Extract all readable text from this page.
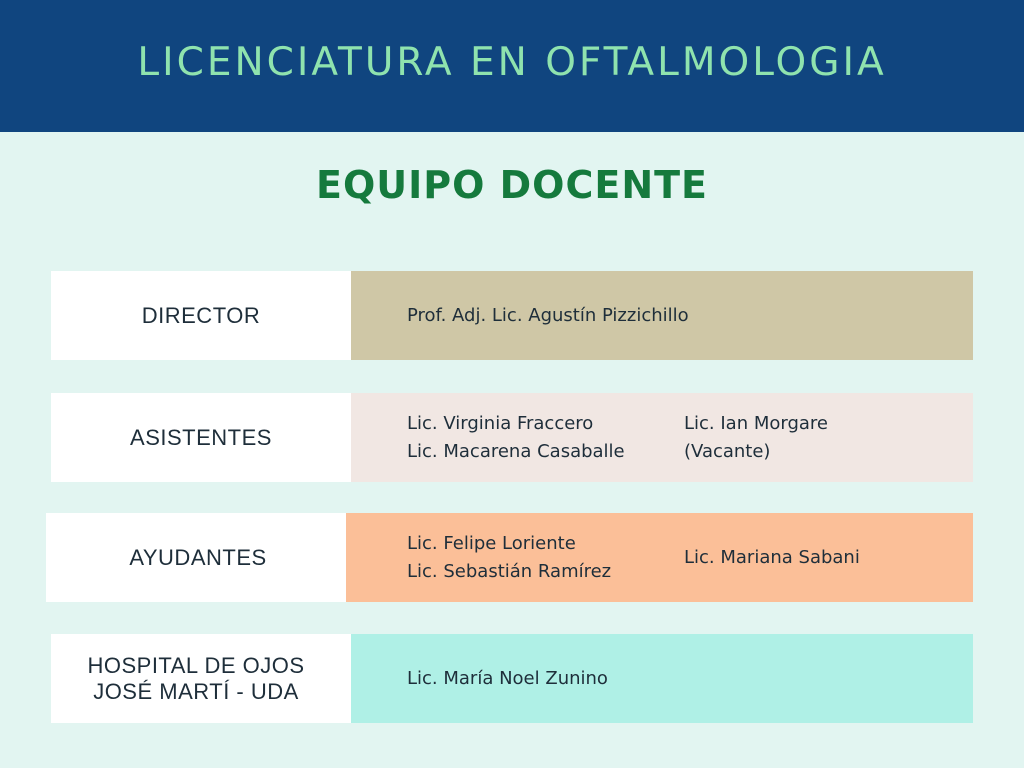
LICENCIATURA EN OFTALMOLOGIA
EQUIPO DOCENTE
DIRECTOR	Prof. Adj. Lic. Agustín Pizzichillo
ASISTENTES
Lic. Virginia Fraccero
Lic. Macarena Casaballe
Lic. Ian Morgare
(Vacante)
AYUDANTES
Lic. Felipe Loriente
Lic. Sebastián Ramírez
Lic. Mariana Sabani
HOSPITAL DE OJOS
JOSÉ MARTÍ - UDA
Lic. María Noel Zunino
